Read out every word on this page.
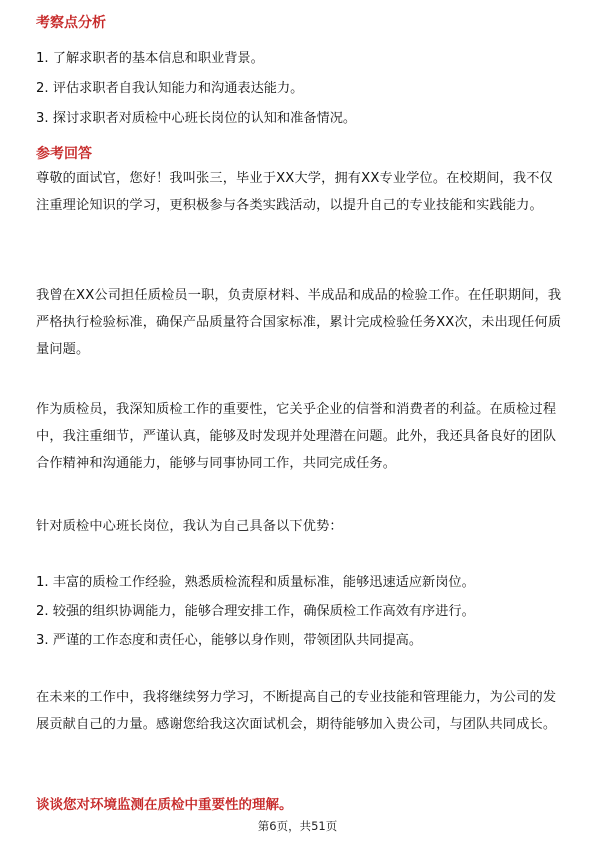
考察点分析
1. 了解求职者的基本信息和职业背景。
2. 评估求职者自我认知能力和沟通表达能力。
3. 探讨求职者对质检中心班长岗位的认知和准备情况。
参考回答
尊敬的面试官，您好！我叫张三，毕业于XX大学，拥有XX专业学位。在校期间，我不仅注重理论知识的学习，更积极参与各类实践活动，以提升自己的专业技能和实践能力。
我曾在XX公司担任质检员一职，负责原材料、半成品和成品的检验工作。在任职期间，我严格执行检验标准，确保产品质量符合国家标准，累计完成检验任务XX次，未出现任何质量问题。
作为质检员，我深知质检工作的重要性，它关乎企业的信誉和消费者的利益。在质检过程中，我注重细节，严谨认真，能够及时发现并处理潜在问题。此外，我还具备良好的团队合作精神和沟通能力，能够与同事协同工作，共同完成任务。
针对质检中心班长岗位，我认为自己具备以下优势：
1. 丰富的质检工作经验，熟悉质检流程和质量标准，能够迅速适应新岗位。
2. 较强的组织协调能力，能够合理安排工作，确保质检工作高效有序进行。
3. 严谨的工作态度和责任心，能够以身作则，带领团队共同提高。
在未来的工作中，我将继续努力学习，不断提高自己的专业技能和管理能力，为公司的发展贡献自己的力量。感谢您给我这次面试机会，期待能够加入贵公司，与团队共同成长。
谈谈您对环境监测在质检中重要性的理解。
第6页，共51页
